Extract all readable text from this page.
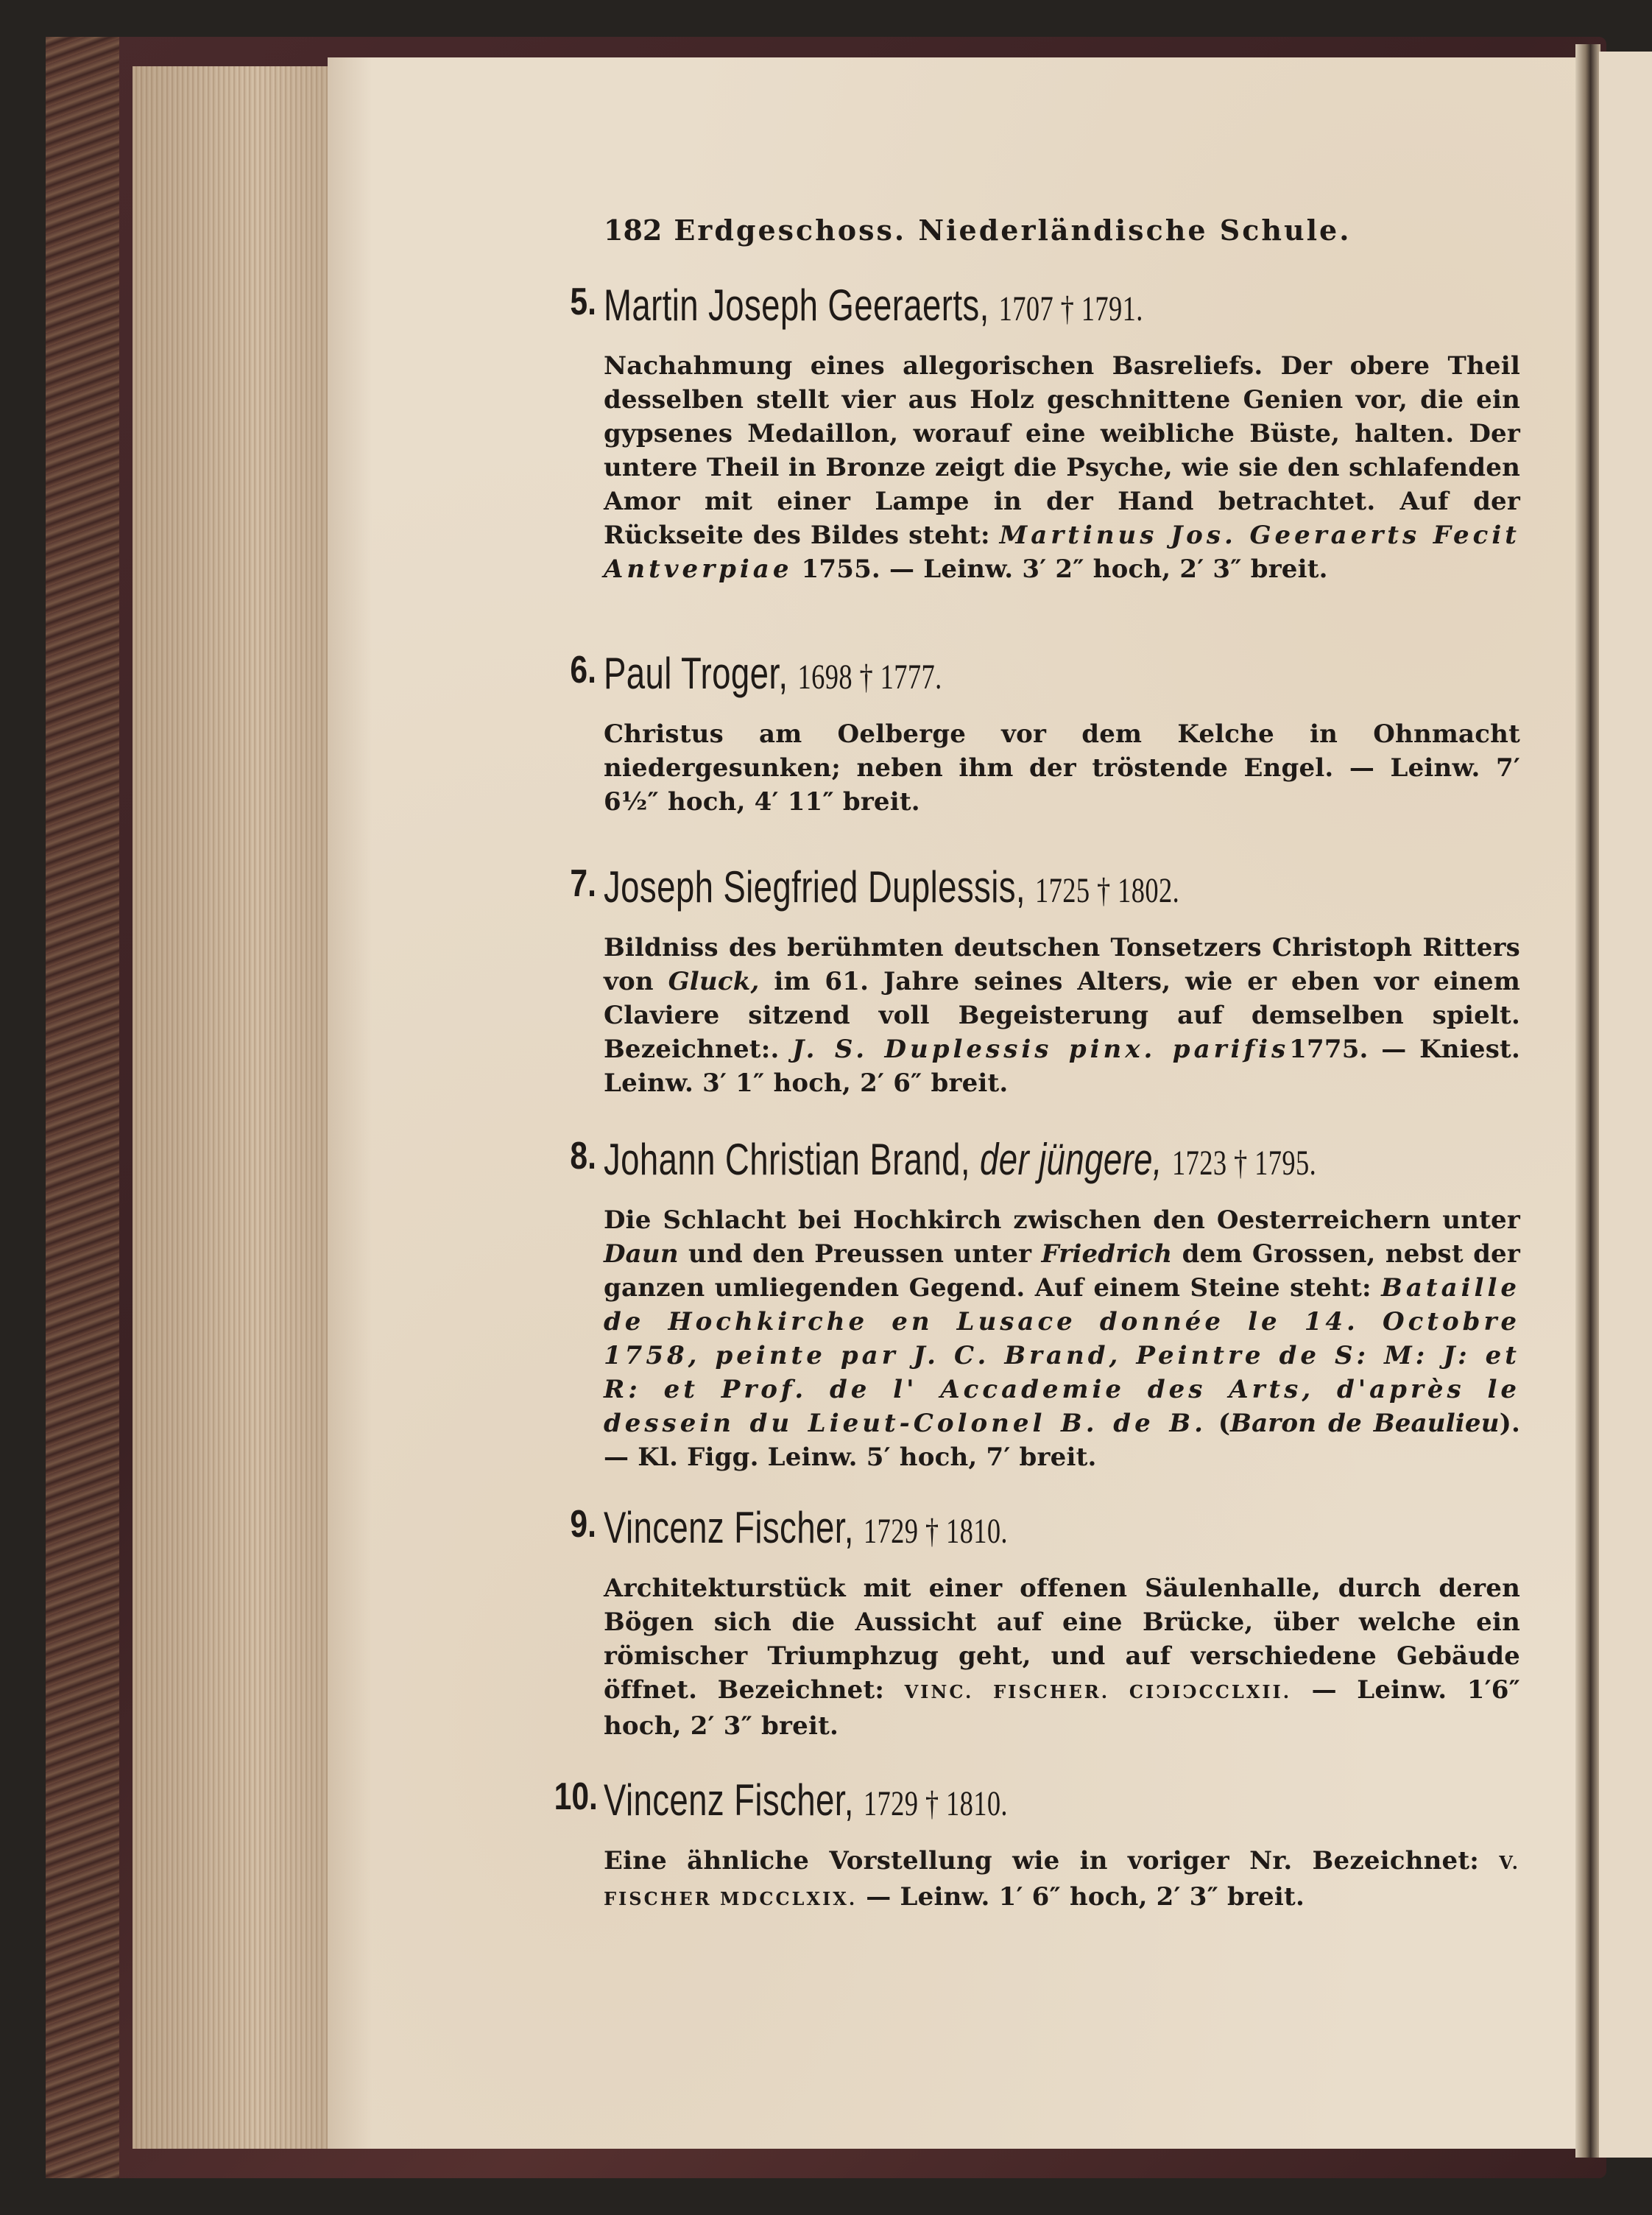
182 Erdgeschoss. Niederländische Schule.
5. Martin Joseph Geeraerts, 1707 † 1791.
Nachahmung eines allegorischen Basreliefs. Der obere Theil desselben stellt vier aus Holz geschnittene Genien vor, die ein gypsenes Medaillon, worauf eine weibliche Büste, halten. Der untere Theil in Bronze zeigt die Psyche, wie sie den schlafenden Amor mit einer Lampe in der Hand betrachtet. Auf der Rückseite des Bildes steht: Martinus Jos. Geeraerts Fecit Antverpiae 1755. — Leinw. 3′ 2″ hoch, 2′ 3″ breit.
6. Paul Troger, 1698 † 1777.
Christus am Oelberge vor dem Kelche in Ohnmacht niedergesunken; neben ihm der tröstende Engel. — Leinw. 7′ 6½″ hoch, 4′ 11″ breit.
7. Joseph Siegfried Duplessis, 1725 † 1802.
Bildniss des berühmten deutschen Tonsetzers Christoph Ritters von Gluck, im 61. Jahre seines Alters, wie er eben vor einem Claviere sitzend voll Begeisterung auf demselben spielt. Bezeichnet:. J. S. Duplessis pinx. parifis1775. — Kniest. Leinw. 3′ 1″ hoch, 2′ 6″ breit.
8. Johann Christian Brand, der jüngere, 1723 † 1795.
Die Schlacht bei Hochkirch zwischen den Oesterreichern unter Daun und den Preussen unter Friedrich dem Grossen, nebst der ganzen umliegenden Gegend. Auf einem Steine steht: Bataille de Hochkirche en Lusace donnée le 14. Octobre 1758, peinte par J. C. Brand, Peintre de S: M: J: et R: et Prof. de l' Accademie des Arts, d'après le dessein du Lieut-Colonel B. de B. (Baron de Beaulieu). — Kl. Figg. Leinw. 5′ hoch, 7′ breit.
9. Vincenz Fischer, 1729 † 1810.
Architekturstück mit einer offenen Säulenhalle, durch deren Bögen sich die Aussicht auf eine Brücke, über welche ein römischer Triumphzug geht, und auf verschiedene Gebäude öffnet. Bezeichnet: VINC. FISCHER. CIↃIↃCCLXII. — Leinw. 1′6″ hoch, 2′ 3″ breit.
10. Vincenz Fischer, 1729 † 1810.
Eine ähnliche Vorstellung wie in voriger Nr. Bezeichnet: V. FISCHER MDCCLXIX. — Leinw. 1′ 6″ hoch, 2′ 3″ breit.
